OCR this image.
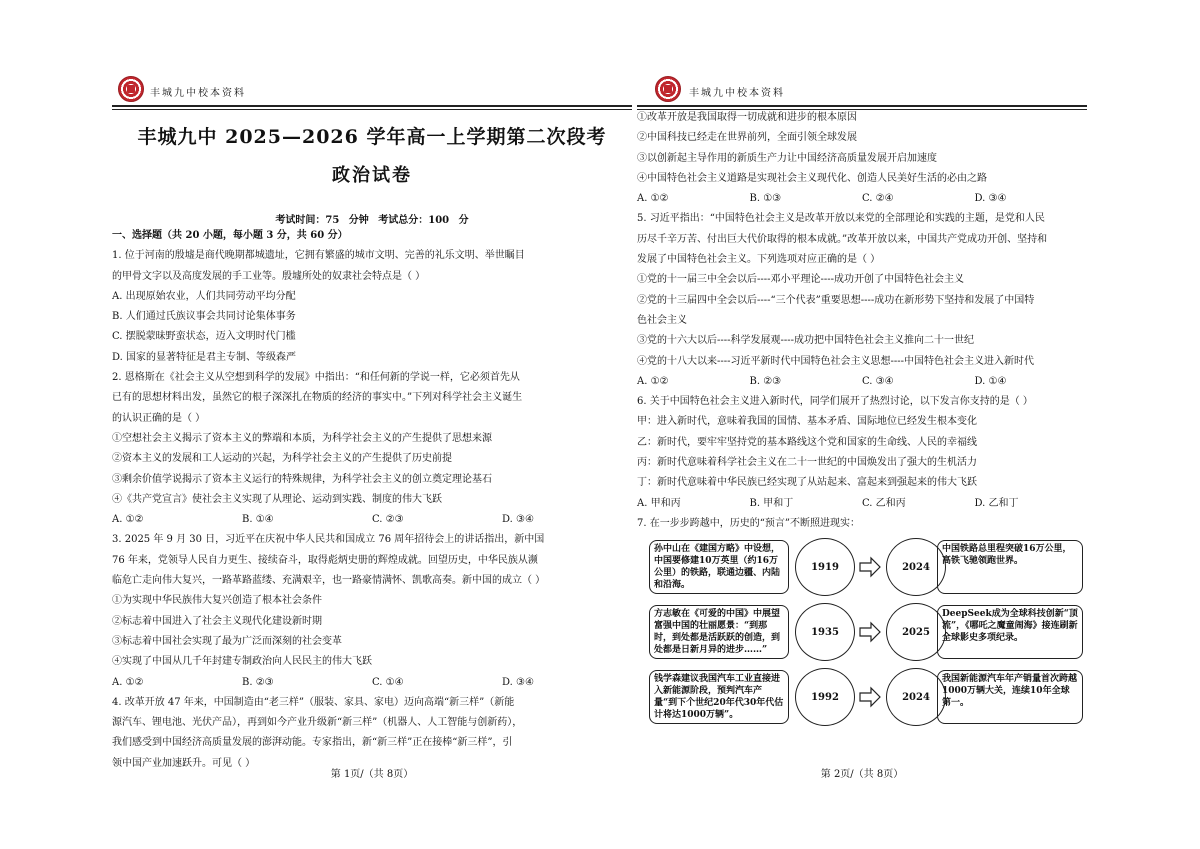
丰城九中校本资料
丰城九中 2025—2026 学年高一上学期第二次段考
政治试卷
考试时间：75 分钟 考试总分：100 分

一、选择题（共 20 小题，每小题 3 分，共 60 分）

1. 位于河南的殷墟是商代晚期都城遗址，它拥有繁盛的城市文明、完善的礼乐文明、举世瞩目

的甲骨文字以及高度发展的手工业等。殷墟所处的奴隶社会特点是（ ）

A. 出现原始农业，人们共同劳动平均分配

B. 人们通过氏族议事会共同讨论集体事务

C. 摆脱蒙昧野蛮状态，迈入文明时代门槛

D. 国家的显著特征是君主专制、等级森严

2. 恩格斯在《社会主义从空想到科学的发展》中指出：“和任何新的学说一样，它必须首先从

已有的思想材料出发，虽然它的根子深深扎在物质的经济的事实中。”下列对科学社会主义诞生

的认识正确的是（ ）

①空想社会主义揭示了资本主义的弊端和本质，为科学社会主义的产生提供了思想来源

②资本主义的发展和工人运动的兴起，为科学社会主义的产生提供了历史前提

③剩余价值学说揭示了资本主义运行的特殊规律，为科学社会主义的创立奠定理论基石

④《共产党宣言》使社会主义实现了从理论、运动到实践、制度的伟大飞跃

A. ①②	B. ①④	C. ②③	D. ③④

3. 2025 年 9 月 30 日，习近平在庆祝中华人民共和国成立 76 周年招待会上的讲话指出，新中国

76 年来，党领导人民自力更生、接续奋斗，取得彪炳史册的辉煌成就。回望历史，中华民族从濒

临危亡走向伟大复兴，一路革路蓝缕、充满艰辛，也一路豪情满怀、凯歌高奏。新中国的成立（ ）

①为实现中华民族伟大复兴创造了根本社会条件

②标志着中国进入了社会主义现代化建设新时期

③标志着中国社会实现了最为广泛而深刻的社会变革

④实现了中国从几千年封建专制政治向人民民主的伟大飞跃

A. ①②	B. ②③	C. ①④	D. ③④

4. 改革开放 47 年来，中国制造由“老三样”（服装、家具、家电）迈向高端“新三样”（新能

源汽车、锂电池、光伏产品），再到如今产业升级新“新三样”（机器人、人工智能与创新药），

我们感受到中国经济高质量发展的澎湃动能。专家指出，新“新三样”正在接棒“新三样”，引

领中国产业加速跃升。可见（ ）

第 1页/（共 8页）
丰城九中校本资料

①改革开放是我国取得一切成就和进步的根本原因

②中国科技已经走在世界前列，全面引领全球发展

③以创新起主导作用的新质生产力让中国经济高质量发展开启加速度

④中国特色社会主义道路是实现社会主义现代化、创造人民美好生活的必由之路

A. ①②	B. ①③	C. ②④	D. ③④

5. 习近平指出：“中国特色社会主义是改革开放以来党的全部理论和实践的主题，是党和人民

历尽千辛万苦、付出巨大代价取得的根本成就。”改革开放以来，中国共产党成功开创、坚持和

发展了中国特色社会主义。下列选项对应正确的是（ ）

①党的十一届三中全会以后----邓小平理论----成功开创了中国特色社会主义

②党的十三届四中全会以后----“三个代表”重要思想----成功在新形势下坚持和发展了中国特

色社会主义

③党的十六大以后----科学发展观----成功把中国特色社会主义推向二十一世纪

④党的十八大以来----习近平新时代中国特色社会主义思想----中国特色社会主义进入新时代

A. ①②	B. ②③	C. ③④	D. ①④

6. 关于中国特色社会主义进入新时代，同学们展开了热烈讨论，以下发言你支持的是（ ）

甲：进入新时代，意味着我国的国情、基本矛盾、国际地位已经发生根本变化

乙：新时代，要牢牢坚持党的基本路线这个党和国家的生命线、人民的幸福线

丙：新时代意味着科学社会主义在二十一世纪的中国焕发出了强大的生机活力

丁：新时代意味着中华民族已经实现了从站起来、富起来到强起来的伟大飞跃

A. 甲和丙	B. 甲和丁	C. 乙和丙	D. 乙和丁

7. 在一步步跨越中，历史的“预言”不断照进现实：

孙中山在《建国方略》中设想，中国要修建10万英里（约16万公里）的铁路，联通边疆、内陆和沿海。
1919	2024
中国铁路总里程突破16万公里，高铁飞驰领跑世界。
方志敏在《可爱的中国》中展望富强中国的壮丽愿景：“到那时，到处都是活跃跃的创造，到处都是日新月异的进步……”
1935	2025
DeepSeek成为全球科技创新“顶流”，《哪吒之魔童闹海》接连刷新全球影史多项纪录。
钱学森建议我国汽车工业直接进入新能源阶段，预判汽车产量“到下个世纪20年代30年代估计将达1000万辆”。
1992	2024
我国新能源汽车年产销量首次跨越1000万辆大关，连续10年全球第一。
第 2页/（共 8页）
